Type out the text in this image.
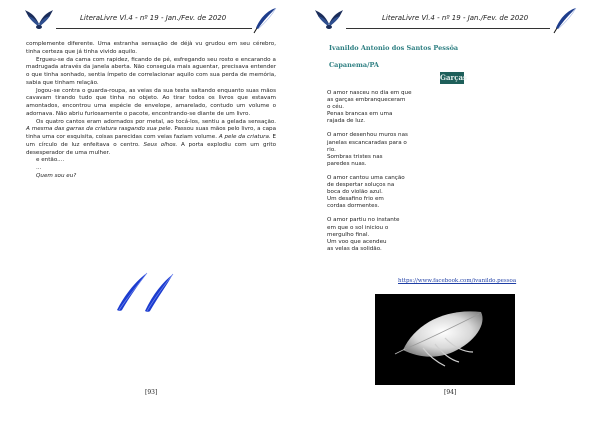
LiteraLivre Vl.4 - nº 19 - Jan./Fev. de 2020

complemente diferente. Uma estranha sensação de déjà vu grudou em seu cérebro, tinha certeza que já tinha vivido aquilo.

Ergueu-se da cama com rapidez, ficando de pé, esfregando seu rosto e encarando a madrugada através da janela aberta. Não conseguia mais aguentar, precisava entender o que tinha sonhado, sentia ímpeto de correlacionar aquilo com sua perda de memória, sabia que tinham relação.

Jogou-se contra o guarda-roupa, as veias da sua testa saltando enquanto suas mãos cavavam tirando tudo que tinha no objeto. Ao tirar todos os livros que estavam amontados, encontrou uma espécie de envelope, amarelado, contudo um volume o adornava. Não abriu furiosamente o pacote, encontrando-se diante de um livro.

Os quatro cantos eram adornados por metal, ao tocá-los, sentiu a gelada sensação. A mesma das garras da criatura rasgando sua pele. Passou suas mãos pelo livro, a capa tinha uma cor esquisita, coisas parecidas com veias faziam volume. A pele da criatura. E um círculo de luz enfeitava o centro. Seus olhos. A porta explodiu com um grito desesperador de uma mulher.

e então....

...

Quem sou eu?

[93]
LiteraLivre Vl.4 - nº 19 - Jan./Fev. de 2020
Ivanildo Antonio dos Santos Pessôa
Capanema/PA
Garças
O amor nasceu no dia em que
as garças embranqueceram
o céu.
Penas brancas em uma
rajada de luz.
O amor desenhou muros nas
janelas escancaradas para o
rio.
Sombras tristes nas
paredes nuas.
O amor cantou uma canção
de despertar soluços na
boca do violão azul.
Um desafino frio em
cordas dormentes.
O amor partiu no instante
em que o sol iniciou o
mergulho final.
Um voo que acendeu
as velas da solidão.
https://www.facebook.com/ivanildo.pessoa
[94]
